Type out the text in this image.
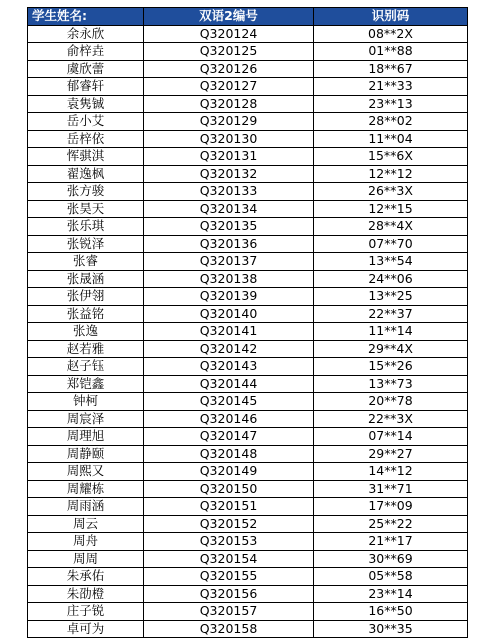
学生姓名:	双语2编号	识别码
余永欣	Q320124	08**2X
俞梓垚	Q320125	01**88
虞欣蕾	Q320126	18**67
郁睿轩	Q320127	21**33
袁隽铖	Q320128	23**13
岳小艾	Q320129	28**02
岳梓依	Q320130	11**04
恽骐淇	Q320131	15**6X
翟逸枫	Q320132	12**12
张方骏	Q320133	26**3X
张昊天	Q320134	12**15
张乐琪	Q320135	28**4X
张锐泽	Q320136	07**70
张睿	Q320137	13**54
张晟涵	Q320138	24**06
张伊翎	Q320139	13**25
张益铭	Q320140	22**37
张逸	Q320141	11**14
赵若雅	Q320142	29**4X
赵子钰	Q320143	15**26
郑铠鑫	Q320144	13**73
钟柯	Q320145	20**78
周宸泽	Q320146	22**3X
周理旭	Q320147	07**14
周静颐	Q320148	29**27
周熙又	Q320149	14**12
周耀栋	Q320150	31**71
周雨涵	Q320151	17**09
周云	Q320152	25**22
周舟	Q320153	21**17
周周	Q320154	30**69
朱承佑	Q320155	05**58
朱劭橙	Q320156	23**14
庄子锐	Q320157	16**50
卓可为	Q320158	30**35
